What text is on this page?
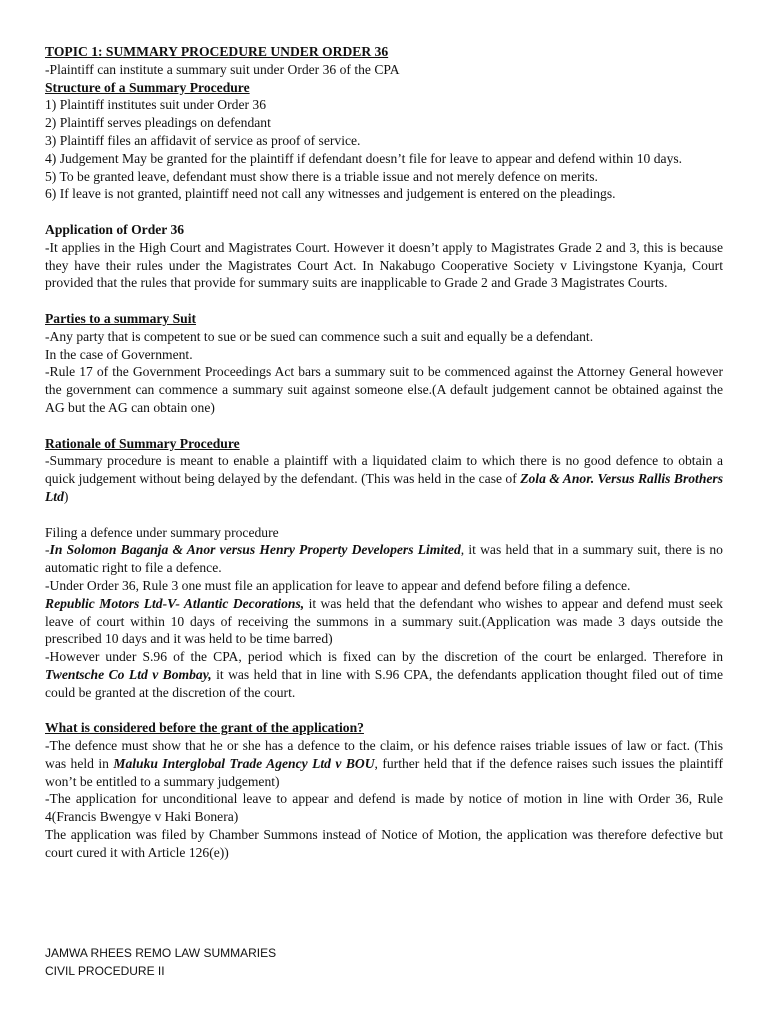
TOPIC 1: SUMMARY PROCEDURE UNDER ORDER 36

-Plaintiff can institute a summary suit under Order 36 of the CPA

Structure of a Summary Procedure

1) Plaintiff institutes suit under Order 36

2) Plaintiff serves pleadings on defendant

3) Plaintiff files an affidavit of service as proof of service.

4) Judgement May be granted for the plaintiff if defendant doesn’t file for leave to appear and defend within 10 days.

5) To be granted leave, defendant must show there is a triable issue and not merely defence on merits.

6) If leave is not granted, plaintiff need not call any witnesses and judgement is entered on the pleadings.

Application of Order 36

-It applies in the High Court and Magistrates Court. However it doesn’t apply to Magistrates Grade 2 and 3, this is because they have their rules under the Magistrates Court Act. In Nakabugo Cooperative Society v Livingstone Kyanja, Court provided that the rules that provide for summary suits are inapplicable to Grade 2 and Grade 3 Magistrates Courts.

Parties to a summary Suit

-Any party that is competent to sue or be sued can commence such a suit and equally be a defendant.

In the case of Government.

-Rule 17 of the Government Proceedings Act bars a summary suit to be commenced against the Attorney General however the government can commence a summary suit against someone else.(A default judgement cannot be obtained against the AG but the AG can obtain one)

Rationale of Summary Procedure

-Summary procedure is meant to enable a plaintiff with a liquidated claim to which there is no good defence to obtain a quick judgement without being delayed by the defendant. (This was held in the case of Zola & Anor. Versus Rallis Brothers Ltd)

Filing a defence under summary procedure

-In Solomon Baganja & Anor versus Henry Property Developers Limited, it was held that in a summary suit, there is no automatic right to file a defence.

-Under Order 36, Rule 3 one must file an application for leave to appear and defend before filing a defence.

Republic Motors Ltd-V- Atlantic Decorations, it was held that the defendant who wishes to appear and defend must seek leave of court within 10 days of receiving the summons in a summary suit.(Application was made 3 days outside the prescribed 10 days and it was held to be time barred)

-However under S.96 of the CPA, period which is fixed can by the discretion of the court be enlarged. Therefore in Twentsche Co Ltd v Bombay, it was held that in line with S.96 CPA, the defendants application thought filed out of time could be granted at the discretion of the court.

What is considered before the grant of the application?

-The defence must show that he or she has a defence to the claim, or his defence raises triable issues of law or fact. (This was held in Maluku Interglobal Trade Agency Ltd v BOU, further held that if the defence raises such issues the plaintiff won’t be entitled to a summary judgement)

-The application for unconditional leave to appear and defend is made by notice of motion in line with Order 36, Rule 4(Francis Bwengye v Haki Bonera)

The application was filed by Chamber Summons instead of Notice of Motion, the application was therefore defective but court cured it with Article 126(e))

JAMWA RHEES REMO LAW SUMMARIES
CIVIL PROCEDURE II
